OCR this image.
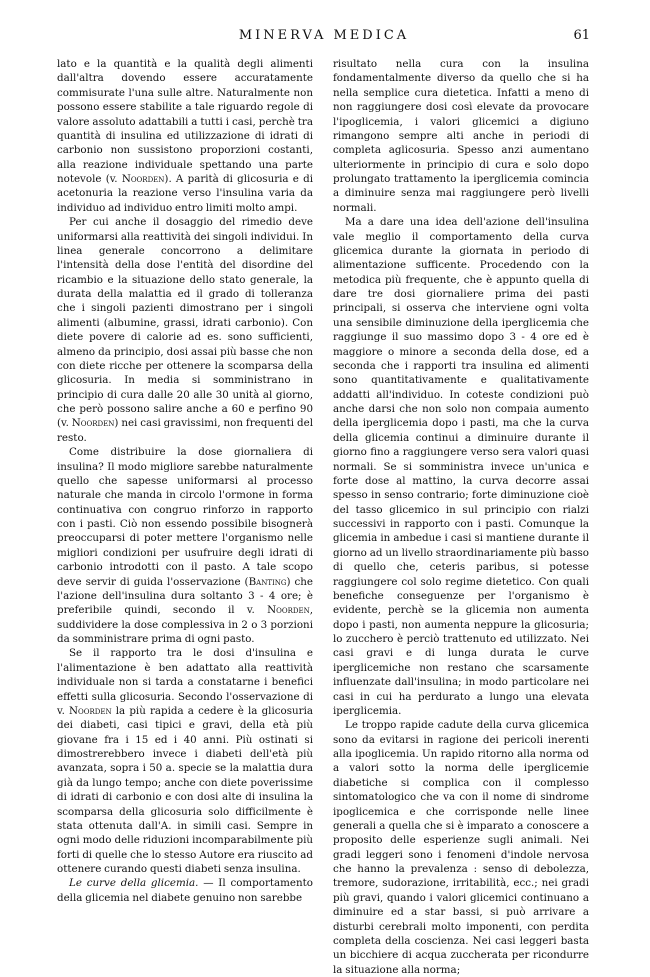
MINERVA MEDICA	61

lato e la quantità e la qualità degli alimenti dall'altra dovendo essere accuratamente commisurate l'una sulle altre. Naturalmente non possono essere stabilite a tale riguardo regole di valore assoluto adattabili a tutti i casi, perchè tra quantità di insulina ed utilizzazione di idrati di carbonio non sussistono proporzioni costanti, alla reazione individuale spettando una parte notevole (v. Noorden). A parità di glicosuria e di acetonuria la reazione verso l'insulina varia da individuo ad individuo entro limiti molto ampi.

Per cui anche il dosaggio del rimedio deve uniformarsi alla reattività dei singoli individui. In linea generale concorrono a delimitare l'intensità della dose l'entità del disordine del ricambio e la situazione dello stato generale, la durata della malattia ed il grado di tolleranza che i singoli pazienti dimostrano per i singoli alimenti (albumine, grassi, idrati carbonio). Con diete povere di calorie ad es. sono sufficienti, almeno da principio, dosi assai più basse che non con diete ricche per ottenere la scomparsa della glicosuria. In media si somministrano in principio di cura dalle 20 alle 30 unità al giorno, che però possono salire anche a 60 e perfino 90 (v. Noorden) nei casi gravissimi, non frequenti del resto.

Come distribuire la dose giornaliera di insulina? Il modo migliore sarebbe naturalmente quello che sapesse uniformarsi al processo naturale che manda in circolo l'ormone in forma continuativa con congruo rinforzo in rapporto con i pasti. Ciò non essendo possibile bisognerà preoccuparsi di poter mettere l'organismo nelle migliori condizioni per usufruire degli idrati di carbonio introdotti con il pasto. A tale scopo deve servir di guida l'osservazione (Banting) che l'azione dell'insulina dura soltanto 3 - 4 ore; è preferibile quindi, secondo il v. Noorden, suddividere la dose complessiva in 2 o 3 porzioni da somministrare prima di ogni pasto.

Se il rapporto tra le dosi d'insulina e l'alimentazione è ben adattato alla reattività individuale non si tarda a constatarne i benefici effetti sulla glicosuria. Secondo l'osservazione di v. Noorden la più rapida a cedere è la glicosuria dei diabeti, casi tipici e gravi, della età più giovane fra i 15 ed i 40 anni. Più ostinati si dimostrerebbero invece i diabeti dell'età più avanzata, sopra i 50 a. specie se la malattia dura già da lungo tempo; anche con diete poverissime di idrati di carbonio e con dosi alte di insulina la scomparsa della glicosuria solo difficilmente è stata ottenuta dall'A. in simili casi. Sempre in ogni modo delle riduzioni incomparabilmente più forti di quelle che lo stesso Autore era riuscito ad ottenere curando questi diabeti senza insulina.

Le curve della glicemia. — Il comportamento della glicemia nel diabete genuino non sarebbe

risultato nella cura con la insulina fondamentalmente diverso da quello che si ha nella semplice cura dietetica. Infatti a meno di non raggiungere dosi così elevate da provocare l'ipoglicemia, i valori glicemici a digiuno rimangono sempre alti anche in periodi di completa aglicosuria. Spesso anzi aumentano ulteriormente in principio di cura e solo dopo prolungato trattamento la iperglicemia comincia a diminuire senza mai raggiungere però livelli normali.

Ma a dare una idea dell'azione dell'insulina vale meglio il comportamento della curva glicemica durante la giornata in periodo di alimentazione sufficente. Procedendo con la metodica più frequente, che è appunto quella di dare tre dosi giornaliere prima dei pasti principali, si osserva che interviene ogni volta una sensibile diminuzione della iperglicemia che raggiunge il suo massimo dopo 3 - 4 ore ed è maggiore o minore a seconda della dose, ed a seconda che i rapporti tra insulina ed alimenti sono quantitativamente e qualitativamente addatti all'individuo. In coteste condizioni può anche darsi che non solo non compaia aumento della iperglicemia dopo i pasti, ma che la curva della glicemia continui a diminuire durante il giorno fino a raggiungere verso sera valori quasi normali. Se si somministra invece un'unica e forte dose al mattino, la curva decorre assai spesso in senso contrario; forte diminuzione cioè del tasso glicemico in sul principio con rialzi successivi in rapporto con i pasti. Comunque la glicemia in ambedue i casi si mantiene durante il giorno ad un livello straordinariamente più basso di quello che, ceteris paribus, si potesse raggiungere col solo regime dietetico. Con quali benefiche conseguenze per l'organismo è evidente, perchè se la glicemia non aumenta dopo i pasti, non aumenta neppure la glicosuria; lo zucchero è perciò trattenuto ed utilizzato. Nei casi gravi e di lunga durata le curve iperglicemiche non restano che scarsamente influenzate dall'insulina; in modo particolare nei casi in cui ha perdurato a lungo una elevata iperglicemia.

Le troppo rapide cadute della curva glicemica sono da evitarsi in ragione dei pericoli inerenti alla ipoglicemia. Un rapido ritorno alla norma od a valori sotto la norma delle iperglicemie diabetiche si complica con il complesso sintomatologico che va con il nome di sindrome ipoglicemica e che corrisponde nelle linee generali a quella che si è imparato a conoscere a proposito delle esperienze sugli animali. Nei gradi leggeri sono i fenomeni d'indole nervosa che hanno la prevalenza : senso di debolezza, tremore, sudorazione, irritabilità, ecc.; nei gradi più gravi, quando i valori glicemici continuano a diminuire ed a star bassi, si può arrivare a disturbi cerebrali molto imponenti, con perdita completa della coscienza. Nei casi leggeri basta un bicchiere di acqua zuccherata per ricondurre la situazione alla norma;
